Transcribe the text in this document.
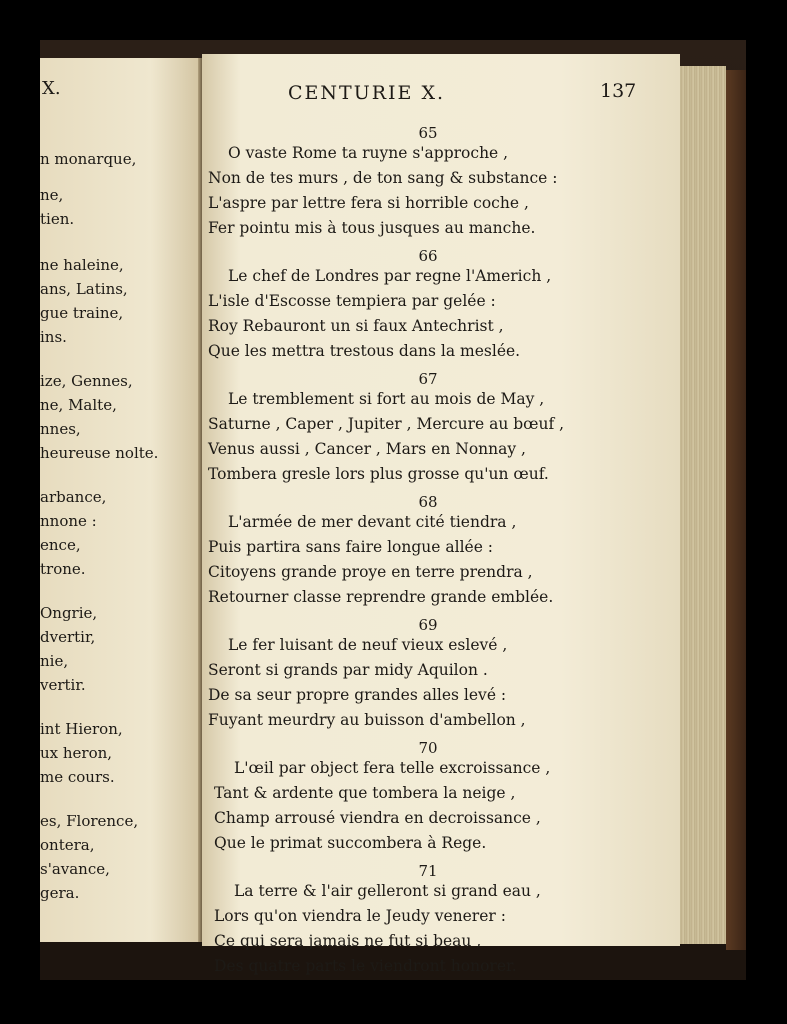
X.
n monarque,
ne,
tien.
ne haleine,
ans, Latins,
gue traine,
ins.
ize, Gennes,
ne, Malte,
nnes,
heureuse nolte.
arbance,
nnone :
ence,
trone.
Ongrie,
dvertir,
nie,
vertir.
int Hieron,
ux heron,
me cours.
es, Florence,
ontera,
s'avance,
gera.
CENTURIE X.	137
65
O vaste Rome ta ruyne s'approche ,
Non de tes murs , de ton sang & substance :
L'aspre par lettre fera si horrible coche ,
Fer pointu mis à tous jusques au manche.
66
Le chef de Londres par regne l'Americh ,
L'isle d'Escosse tempiera par gelée :
Roy Rebauront un si faux Antechrist ,
Que les mettra trestous dans la meslée.
67
Le tremblement si fort au mois de May ,
Saturne , Caper , Jupiter , Mercure au bœuf ,
Venus aussi , Cancer , Mars en Nonnay ,
Tombera gresle lors plus grosse qu'un œuf.
68
L'armée de mer devant cité tiendra ,
Puis partira sans faire longue allée :
Citoyens grande proye en terre prendra ,
Retourner classe reprendre grande emblée.
69
Le fer luisant de neuf vieux eslevé ,
Seront si grands par midy Aquilon .
De sa seur propre grandes alles levé :
Fuyant meurdry au buisson d'ambellon ,
70
L'œil par object fera telle excroissance ,
Tant & ardente que tombera la neige ,
Champ arrousé viendra en decroissance ,
Que le primat succombera à Rege.
71
La terre & l'air gelleront si grand eau ,
Lors qu'on viendra le Jeudy venerer :
Ce qui sera jamais ne fut si beau ,
Des quatre parts le viendront honorer.
